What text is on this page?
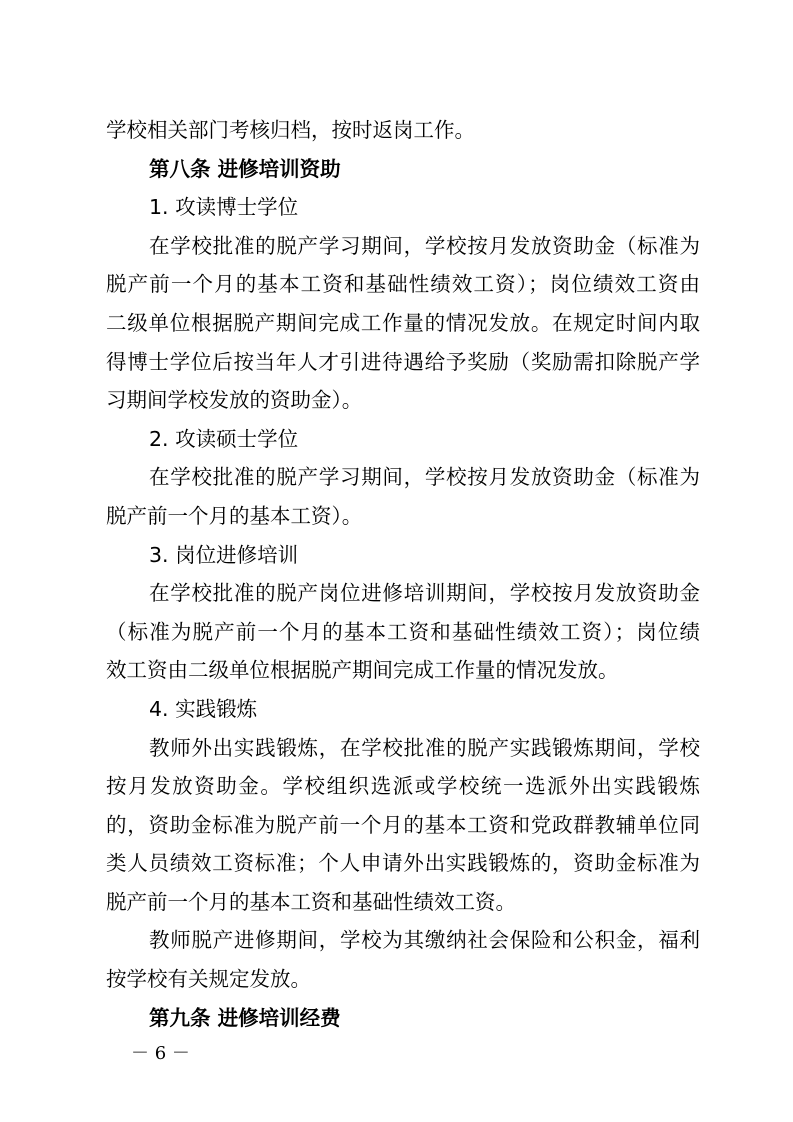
学校相关部门考核归档，按时返岗工作。
第八条 进修培训资助
1. 攻读博士学位
在学校批准的脱产学习期间，学校按月发放资助金（标准为
脱产前一个月的基本工资和基础性绩效工资）；岗位绩效工资由
二级单位根据脱产期间完成工作量的情况发放。在规定时间内取
得博士学位后按当年人才引进待遇给予奖励（奖励需扣除脱产学
习期间学校发放的资助金）。
2. 攻读硕士学位
在学校批准的脱产学习期间，学校按月发放资助金（标准为
脱产前一个月的基本工资）。
3. 岗位进修培训
在学校批准的脱产岗位进修培训期间，学校按月发放资助金
（标准为脱产前一个月的基本工资和基础性绩效工资）；岗位绩
效工资由二级单位根据脱产期间完成工作量的情况发放。
4. 实践锻炼
教师外出实践锻炼，在学校批准的脱产实践锻炼期间，学校
按月发放资助金。学校组织选派或学校统一选派外出实践锻炼
的，资助金标准为脱产前一个月的基本工资和党政群教辅单位同
类人员绩效工资标准；个人申请外出实践锻炼的，资助金标准为
脱产前一个月的基本工资和基础性绩效工资。
教师脱产进修期间，学校为其缴纳社会保险和公积金，福利
按学校有关规定发放。
第九条 进修培训经费
－ 6 －
